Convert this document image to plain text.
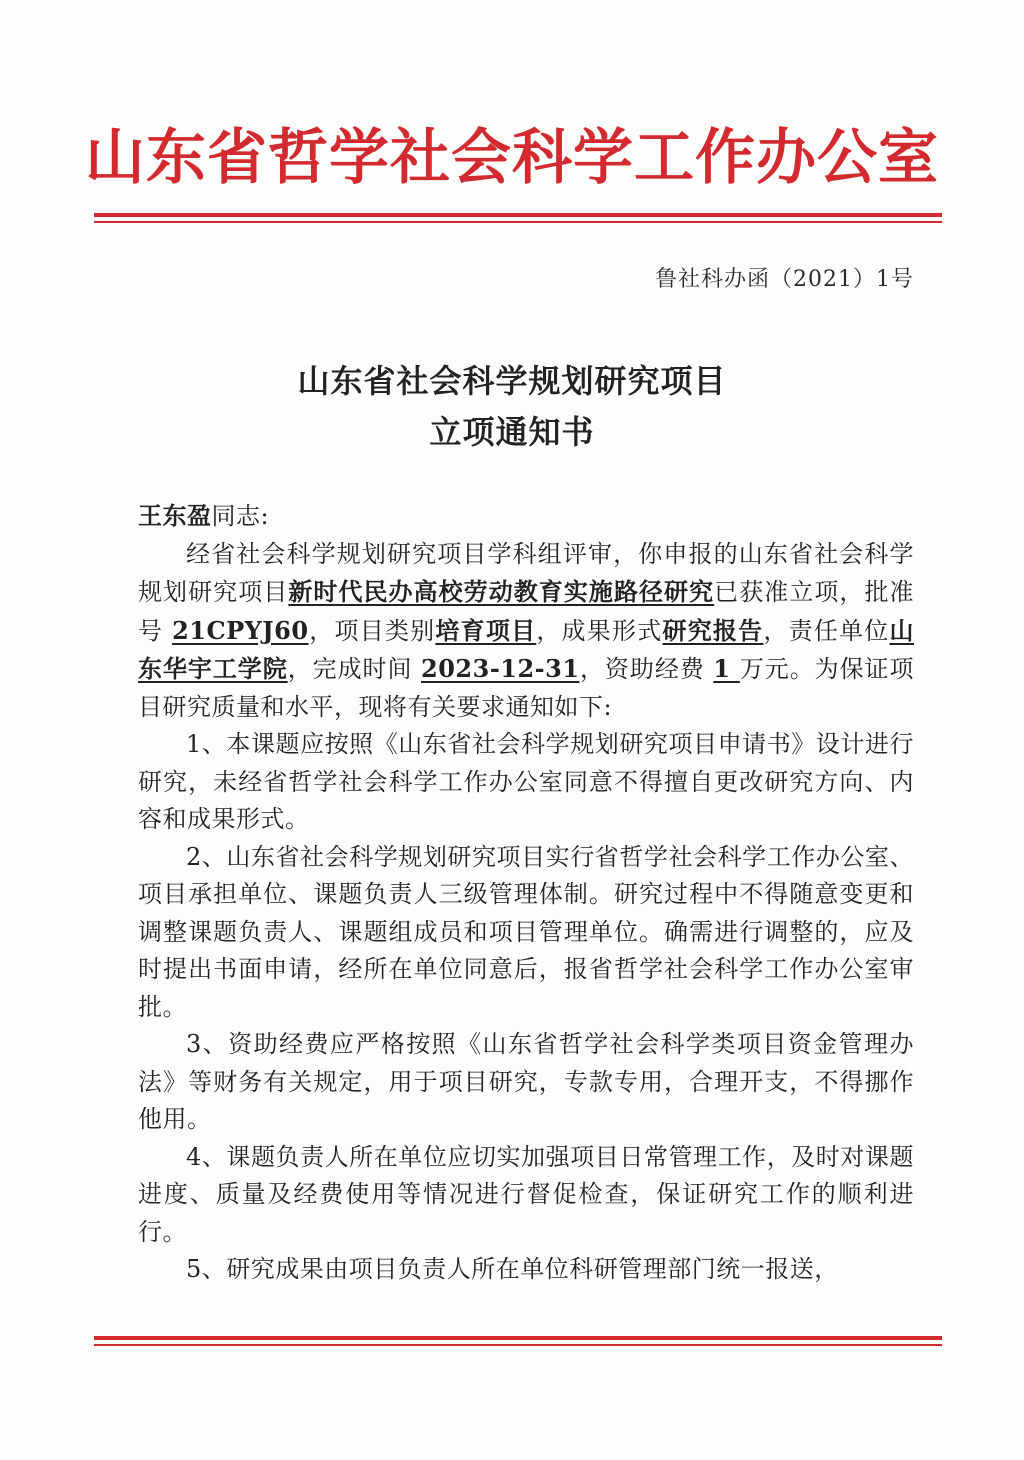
山东省哲学社会科学工作办公室
鲁社科办函（2021）1号
山东省社会科学规划研究项目
立项通知书

王东盈同志:

经省社会科学规划研究项目学科组评审，你申报的山东省社会科学规划研究项目新时代民办高校劳动教育实施路径研究已获准立项，批准号 21CPYJ60，项目类别培育项目，成果形式研究报告，责任单位山东华宇工学院，完成时间 2023-12-31，资助经费 1 万元。为保证项目研究质量和水平，现将有关要求通知如下:

1、本课题应按照《山东省社会科学规划研究项目申请书》设计进行研究，未经省哲学社会科学工作办公室同意不得擅自更改研究方向、内容和成果形式。

2、山东省社会科学规划研究项目实行省哲学社会科学工作办公室、项目承担单位、课题负责人三级管理体制。研究过程中不得随意变更和调整课题负责人、课题组成员和项目管理单位。确需进行调整的，应及时提出书面申请，经所在单位同意后，报省哲学社会科学工作办公室审批。

3、资助经费应严格按照《山东省哲学社会科学类项目资金管理办法》等财务有关规定，用于项目研究，专款专用，合理开支，不得挪作他用。

4、课题负责人所在单位应切实加强项目日常管理工作，及时对课题进度、质量及经费使用等情况进行督促检查，保证研究工作的顺利进行。

5、研究成果由项目负责人所在单位科研管理部门统一报送，
